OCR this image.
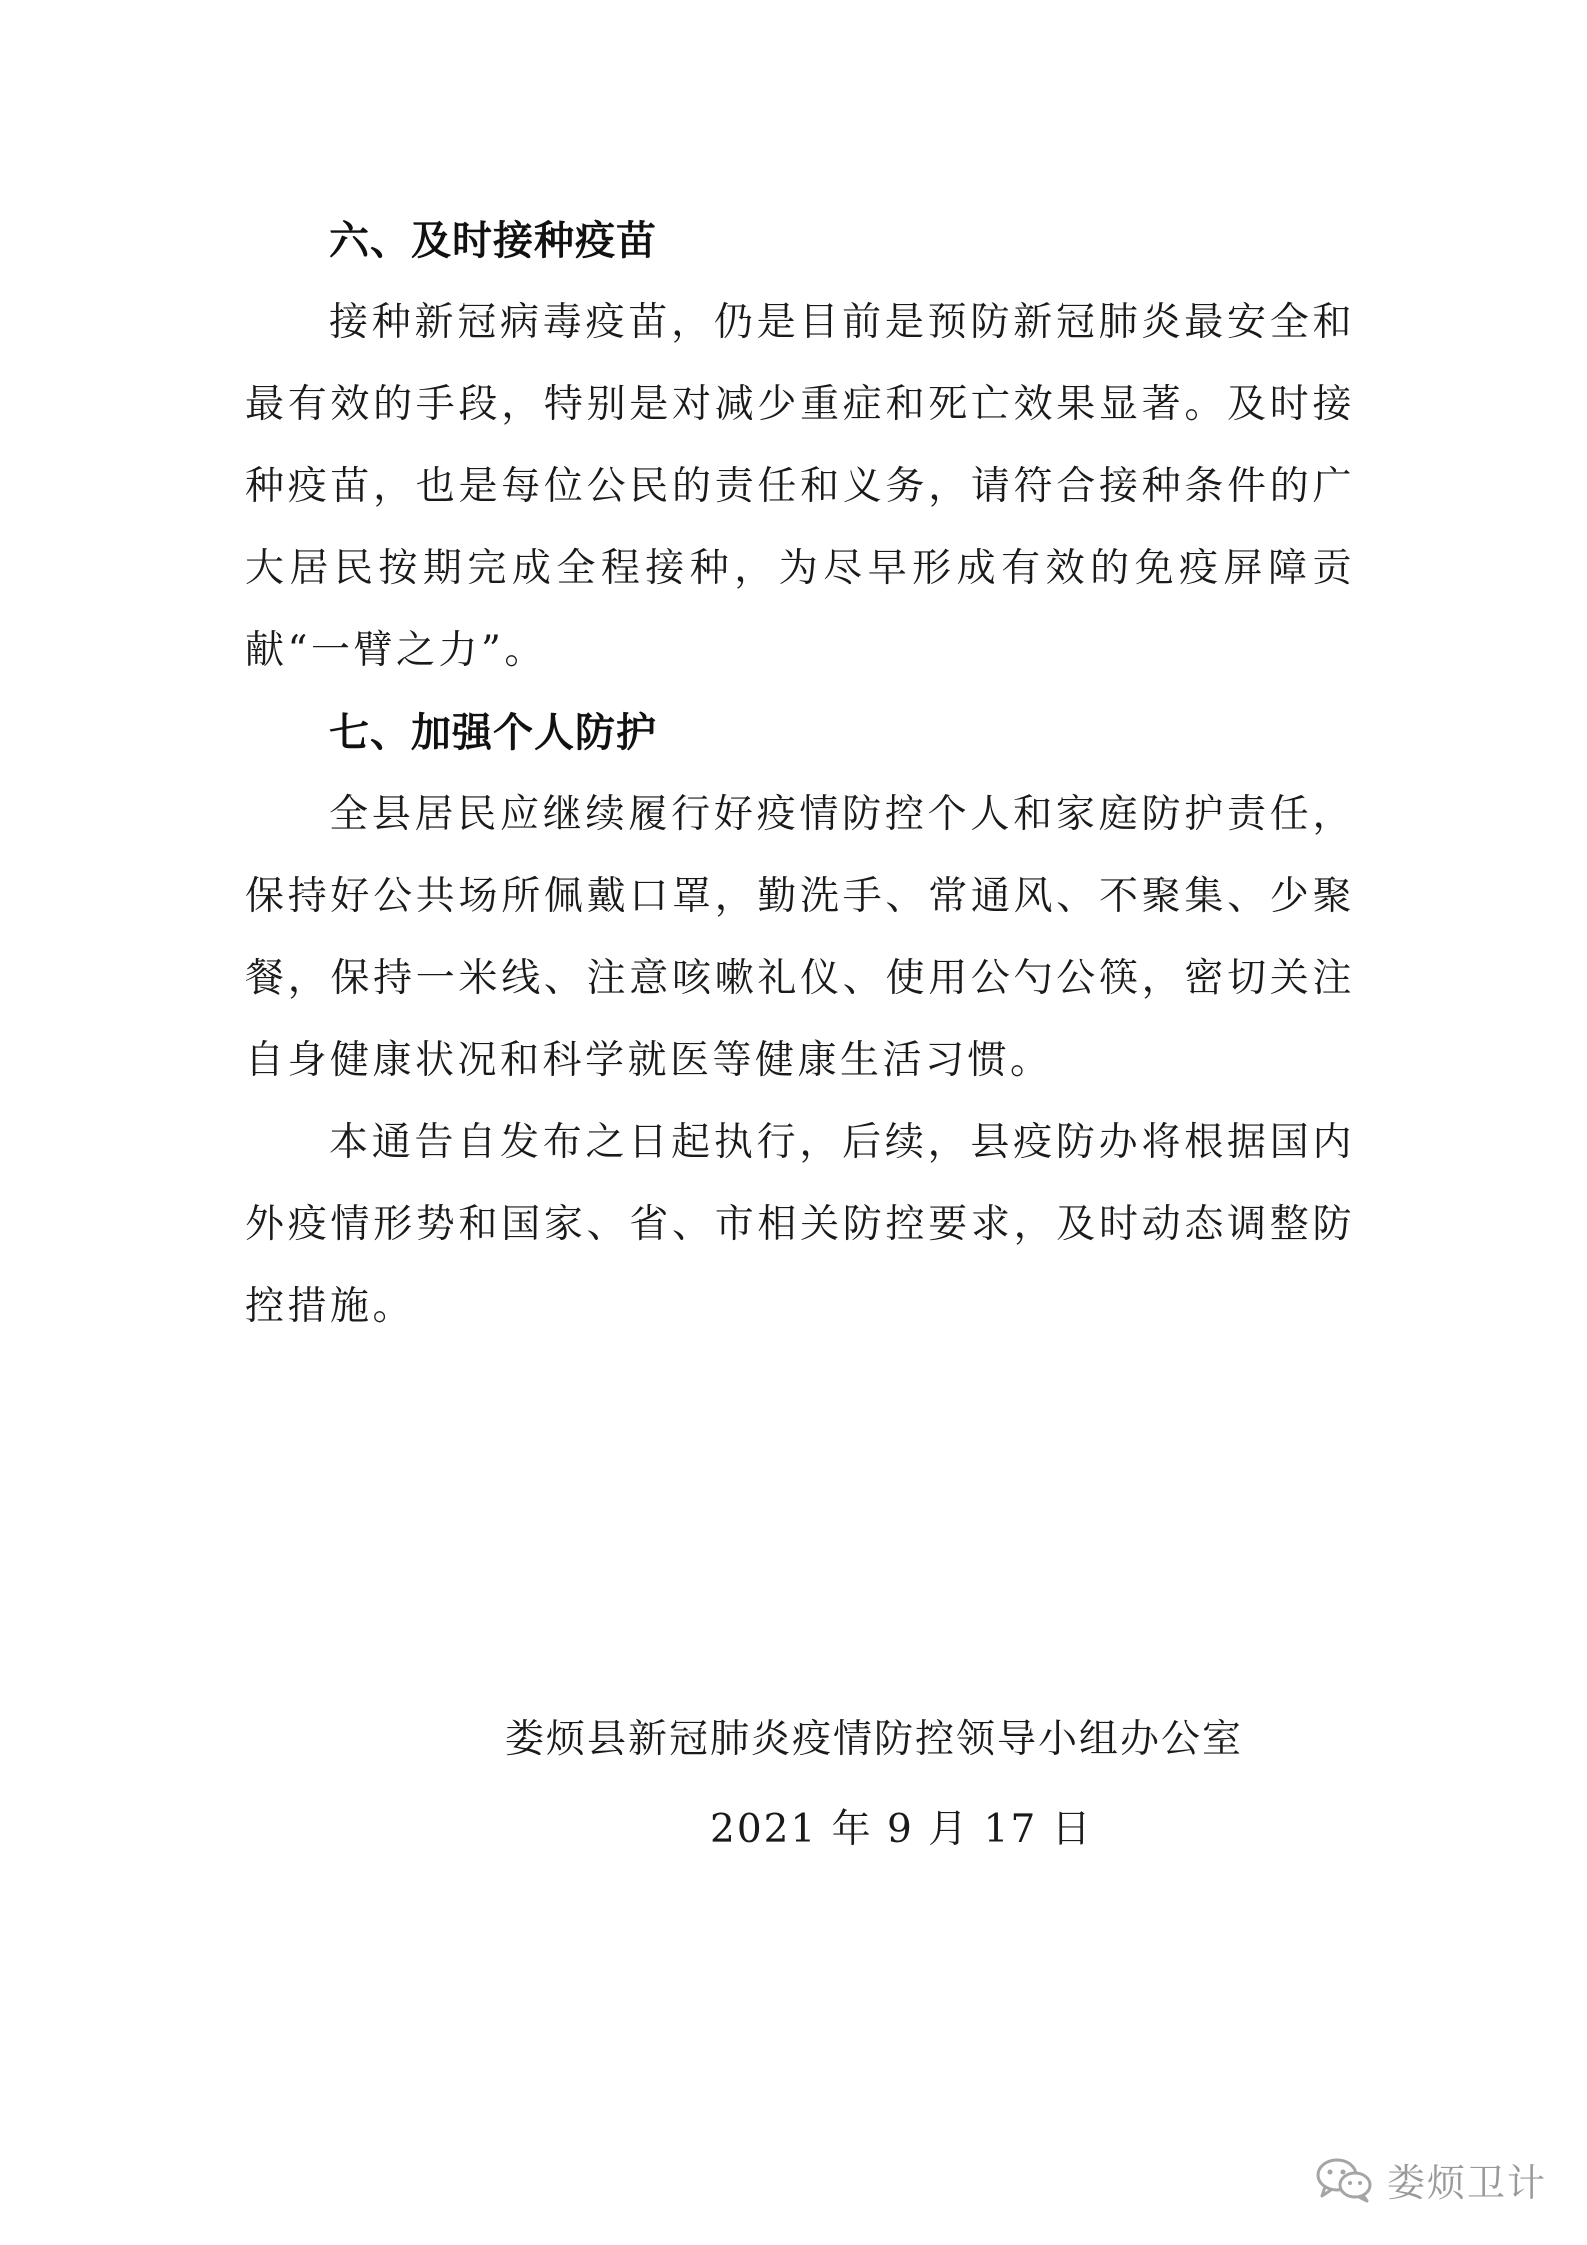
六、及时接种疫苗

接种新冠病毒疫苗，仍是目前是预防新冠肺炎最安全和最有效的手段，特别是对减少重症和死亡效果显著。及时接种疫苗，也是每位公民的责任和义务，请符合接种条件的广大居民按期完成全程接种，为尽早形成有效的免疫屏障贡献“一臂之力”。

七、加强个人防护

全县居民应继续履行好疫情防控个人和家庭防护责任，保持好公共场所佩戴口罩，勤洗手、常通风、不聚集、少聚餐，保持一米线、注意咳嗽礼仪、使用公勺公筷，密切关注自身健康状况和科学就医等健康生活习惯。

本通告自发布之日起执行，后续，县疫防办将根据国内外疫情形势和国家、省、市相关防控要求，及时动态调整防控措施。

娄烦县新冠肺炎疫情防控领导小组办公室
2021 年 9 月 17 日
娄烦卫计
